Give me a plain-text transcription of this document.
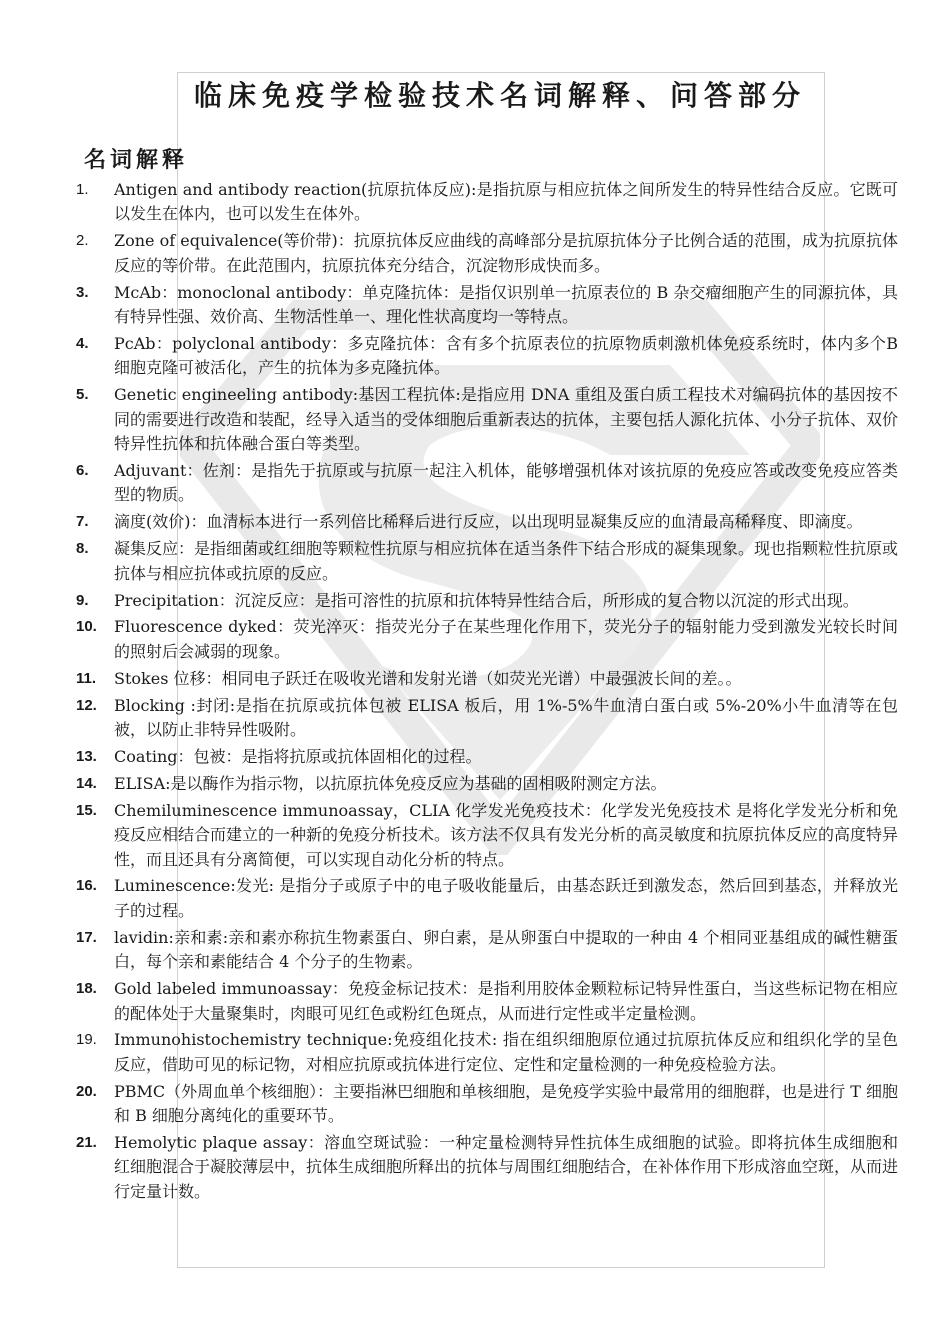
临床免疫学检验技术名词解释、问答部分
名词解释
1.	Antigen and antibody reaction(抗原抗体反应):是指抗原与相应抗体之间所发生的特异性结合反应。它既可以发生在体内，也可以发生在体外。
2.	Zone of equivalence(等价带)：抗原抗体反应曲线的高峰部分是抗原抗体分子比例合适的范围，成为抗原抗体反应的等价带。在此范围内，抗原抗体充分结合，沉淀物形成快而多。
3.	McAb：monoclonal antibody：单克隆抗体：是指仅识别单一抗原表位的 B 杂交瘤细胞产生的同源抗体，具有特异性强、效价高、生物活性单一、理化性状高度均一等特点。
4.	PcAb：polyclonal antibody：多克隆抗体：含有多个抗原表位的抗原物质刺激机体免疫系统时，体内多个B 细胞克隆可被活化，产生的抗体为多克隆抗体。
5.	Genetic engineeling antibody:基因工程抗体:是指应用 DNA 重组及蛋白质工程技术对编码抗体的基因按不同的需要进行改造和装配，经导入适当的受体细胞后重新表达的抗体，主要包括人源化抗体、小分子抗体、双价特异性抗体和抗体融合蛋白等类型。
6.	Adjuvant：佐剂：是指先于抗原或与抗原一起注入机体，能够增强机体对该抗原的免疫应答或改变免疫应答类型的物质。
7.	滴度(效价)：血清标本进行一系列倍比稀释后进行反应，以出现明显凝集反应的血清最高稀释度、即滴度。
8.	凝集反应：是指细菌或红细胞等颗粒性抗原与相应抗体在适当条件下结合形成的凝集现象。现也指颗粒性抗原或抗体与相应抗体或抗原的反应。
9.	Precipitation：沉淀反应：是指可溶性的抗原和抗体特异性结合后，所形成的复合物以沉淀的形式出现。
10.	Fluorescence dyked：荧光淬灭：指荧光分子在某些理化作用下，荧光分子的辐射能力受到激发光较长时间的照射后会减弱的现象。
11.	Stokes 位移：相同电子跃迁在吸收光谱和发射光谱（如荧光光谱）中最强波长间的差。。
12.	Blocking :封闭:是指在抗原或抗体包被 ELISA 板后，用 1%-5%牛血清白蛋白或 5%-20%小牛血清等在包被，以防止非特异性吸附。
13.	Coating：包被：是指将抗原或抗体固相化的过程。
14.	ELISA:是以酶作为指示物，以抗原抗体免疫反应为基础的固相吸附测定方法。
15.	Chemiluminescence immunoassay，CLIA 化学发光免疫技术：化学发光免疫技术 是将化学发光分析和免疫反应相结合而建立的一种新的免疫分析技术。该方法不仅具有发光分析的高灵敏度和抗原抗体反应的高度特异性，而且还具有分离简便，可以实现自动化分析的特点。
16.	Luminescence:发光: 是指分子或原子中的电子吸收能量后，由基态跃迁到激发态，然后回到基态，并释放光子的过程。
17.	lavidin:亲和素:亲和素亦称抗生物素蛋白、卵白素，是从卵蛋白中提取的一种由 4 个相同亚基组成的碱性糖蛋白，每个亲和素能结合 4 个分子的生物素。
18.	Gold labeled immunoassay：免疫金标记技术：是指利用胶体金颗粒标记特异性蛋白，当这些标记物在相应的配体处于大量聚集时，肉眼可见红色或粉红色斑点，从而进行定性或半定量检测。
19.	Immunohistochemistry technique:免疫组化技术: 指在组织细胞原位通过抗原抗体反应和组织化学的呈色反应，借助可见的标记物，对相应抗原或抗体进行定位、定性和定量检测的一种免疫检验方法。
20.	PBMC（外周血单个核细胞）：主要指淋巴细胞和单核细胞，是免疫学实验中最常用的细胞群，也是进行 T 细胞和 B 细胞分离纯化的重要环节。
21.	Hemolytic plaque assay：溶血空斑试验：一种定量检测特异性抗体生成细胞的试验。即将抗体生成细胞和红细胞混合于凝胶薄层中，抗体生成细胞所释出的抗体与周围红细胞结合，在补体作用下形成溶血空斑，从而进行定量计数。
